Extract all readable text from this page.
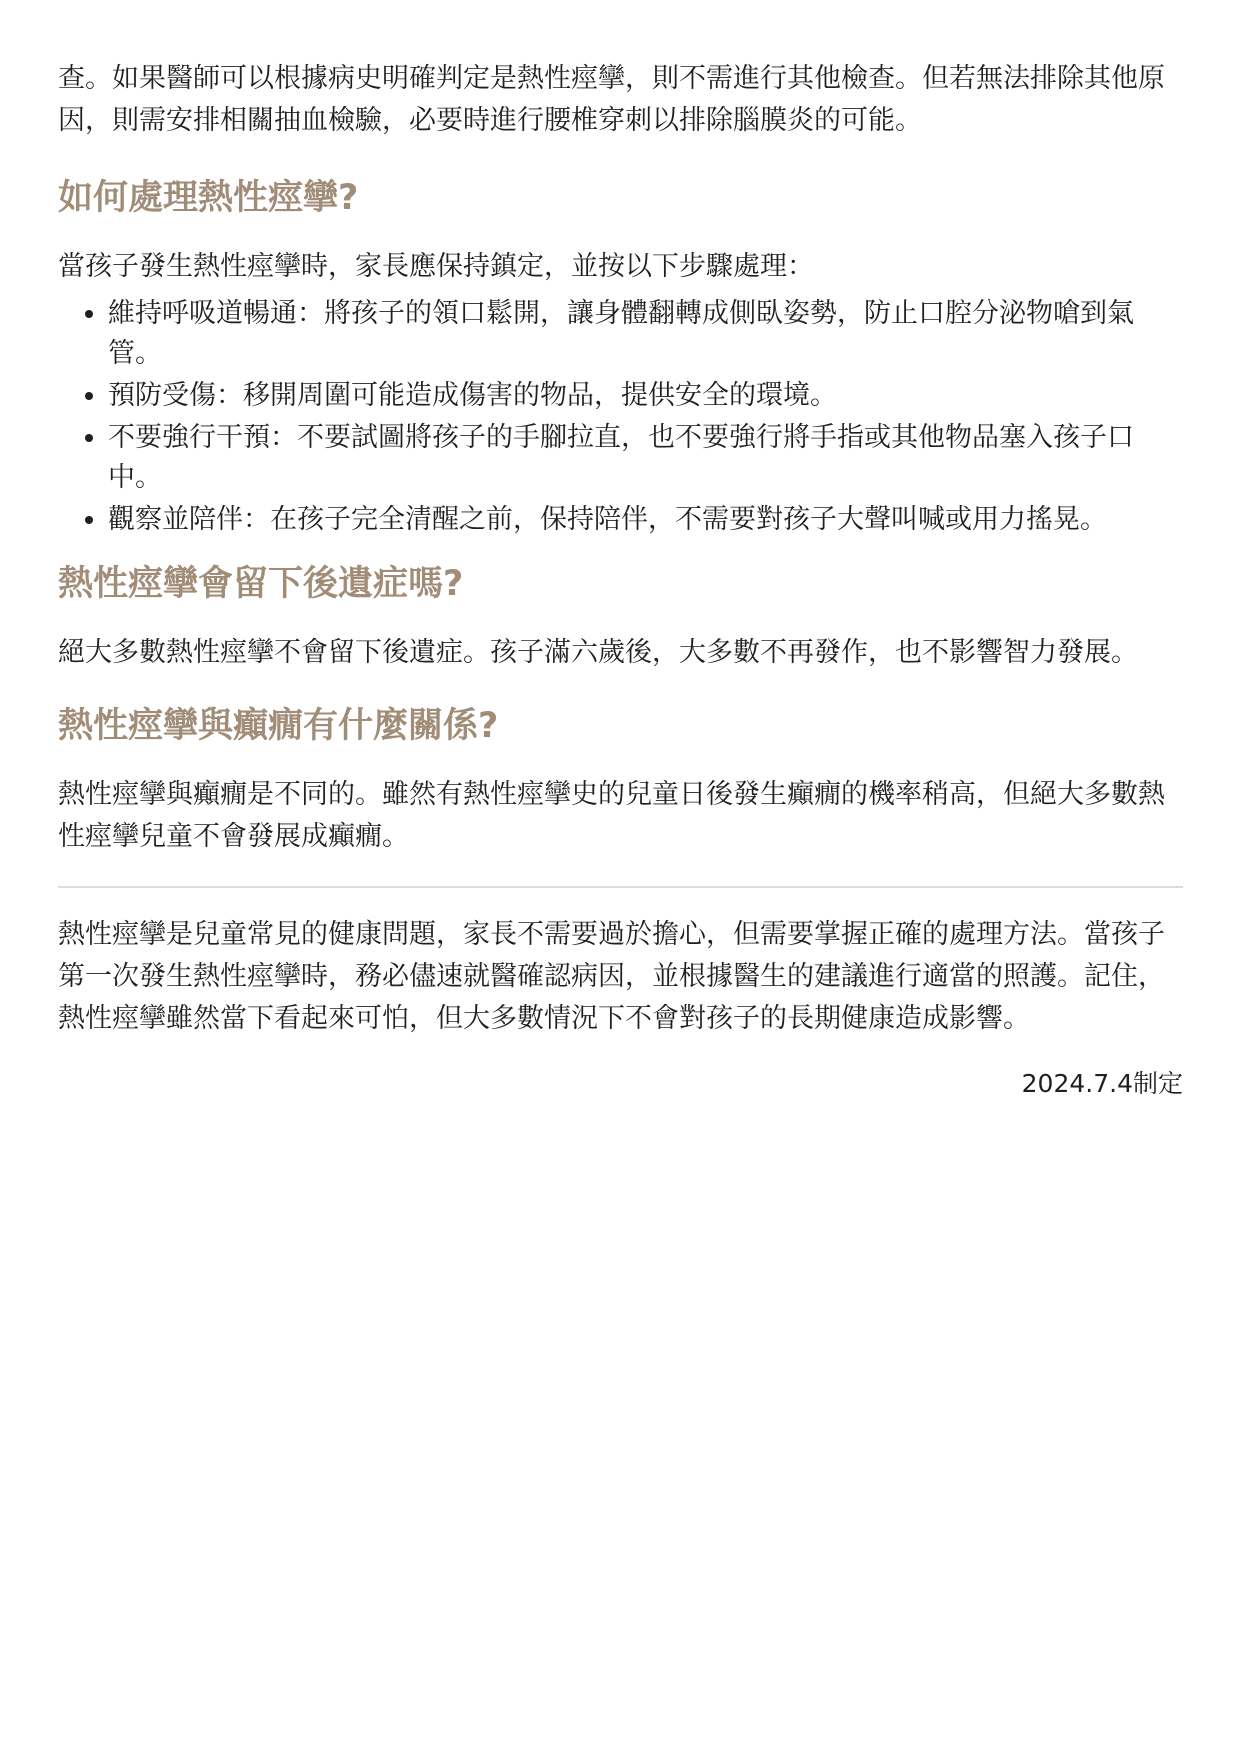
查。如果醫師可以根據病史明確判定是熱性痙攣，則不需進行其他檢查。但若無法排除其他原因，則需安排相關抽血檢驗，必要時進行腰椎穿刺以排除腦膜炎的可能。

如何處理熱性痙攣?

當孩子發生熱性痙攣時，家長應保持鎮定，並按以下步驟處理：

• 維持呼吸道暢通：將孩子的領口鬆開，讓身體翻轉成側臥姿勢，防止口腔分泌物嗆到氣管。
• 預防受傷：移開周圍可能造成傷害的物品，提供安全的環境。
• 不要強行干預：不要試圖將孩子的手腳拉直，也不要強行將手指或其他物品塞入孩子口中。
• 觀察並陪伴：在孩子完全清醒之前，保持陪伴，不需要對孩子大聲叫喊或用力搖晃。
熱性痙攣會留下後遺症嗎?

絕大多數熱性痙攣不會留下後遺症。孩子滿六歲後，大多數不再發作，也不影響智力發展。

熱性痙攣與癲癇有什麼關係?

熱性痙攣與癲癇是不同的。雖然有熱性痙攣史的兒童日後發生癲癇的機率稍高，但絕大多數熱性痙攣兒童不會發展成癲癇。

熱性痙攣是兒童常見的健康問題，家長不需要過於擔心，但需要掌握正確的處理方法。當孩子第一次發生熱性痙攣時，務必儘速就醫確認病因，並根據醫生的建議進行適當的照護。記住，熱性痙攣雖然當下看起來可怕，但大多數情況下不會對孩子的長期健康造成影響。

2024.7.4制定
